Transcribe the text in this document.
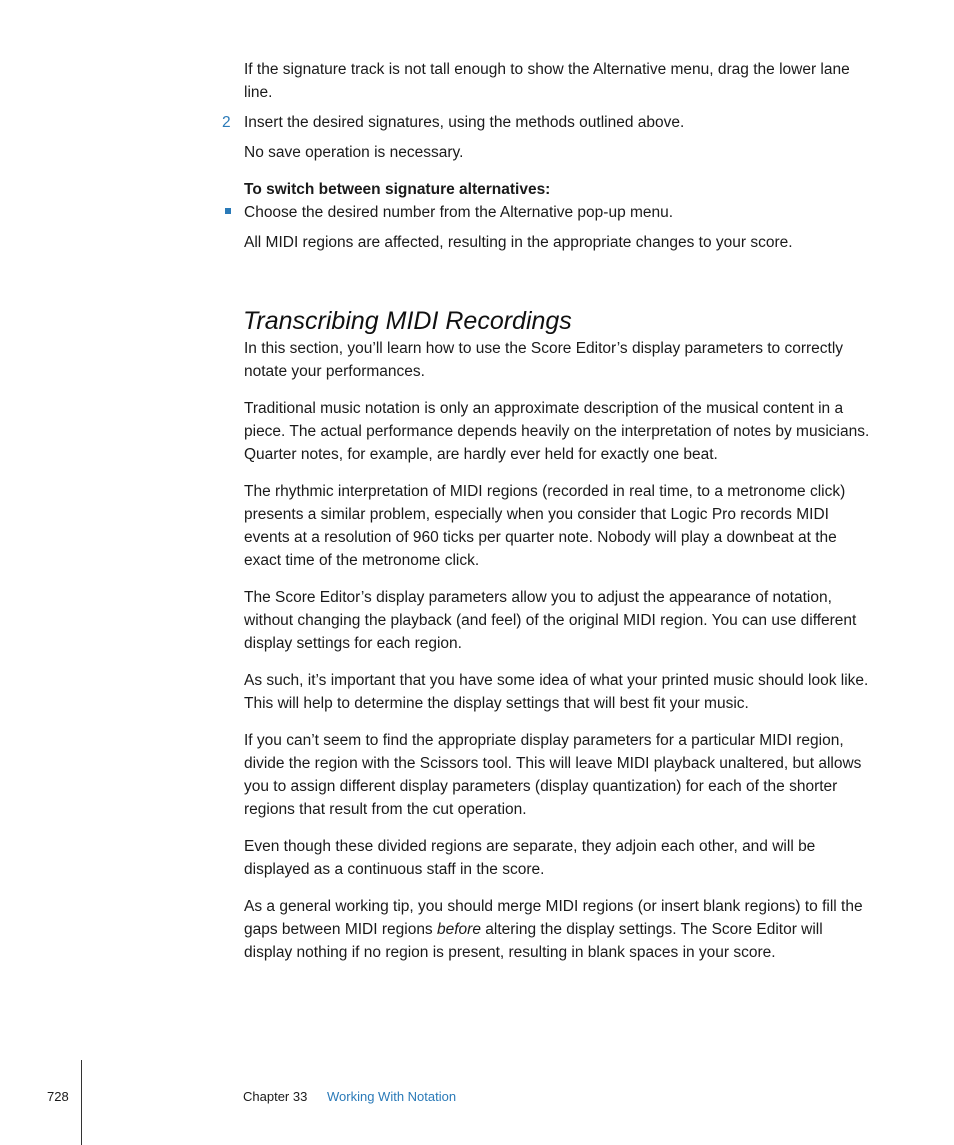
If the signature track is not tall enough to show the Alternative menu, drag the lower lane line.

2 Insert the desired signatures, using the methods outlined above.

No save operation is necessary.

To switch between signature alternatives:

Choose the desired number from the Alternative pop-up menu.

All MIDI regions are affected, resulting in the appropriate changes to your score.

Transcribing MIDI Recordings

In this section, you’ll learn how to use the Score Editor’s display parameters to correctly notate your performances.

Traditional music notation is only an approximate description of the musical content in a piece. The actual performance depends heavily on the interpretation of notes by musicians. Quarter notes, for example, are hardly ever held for exactly one beat.

The rhythmic interpretation of MIDI regions (recorded in real time, to a metronome click) presents a similar problem, especially when you consider that Logic Pro records MIDI events at a resolution of 960 ticks per quarter note. Nobody will play a downbeat at the exact time of the metronome click.

The Score Editor’s display parameters allow you to adjust the appearance of notation, without changing the playback (and feel) of the original MIDI region. You can use different display settings for each region.

As such, it’s important that you have some idea of what your printed music should look like. This will help to determine the display settings that will best fit your music.

If you can’t seem to find the appropriate display parameters for a particular MIDI region, divide the region with the Scissors tool. This will leave MIDI playback unaltered, but allows you to assign different display parameters (display quantization) for each of the shorter regions that result from the cut operation.

Even though these divided regions are separate, they adjoin each other, and will be displayed as a continuous staff in the score.

As a general working tip, you should merge MIDI regions (or insert blank regions) to fill the gaps between MIDI regions before altering the display settings. The Score Editor will display nothing if no region is present, resulting in blank spaces in your score.

728	Chapter 33 Working With Notation
